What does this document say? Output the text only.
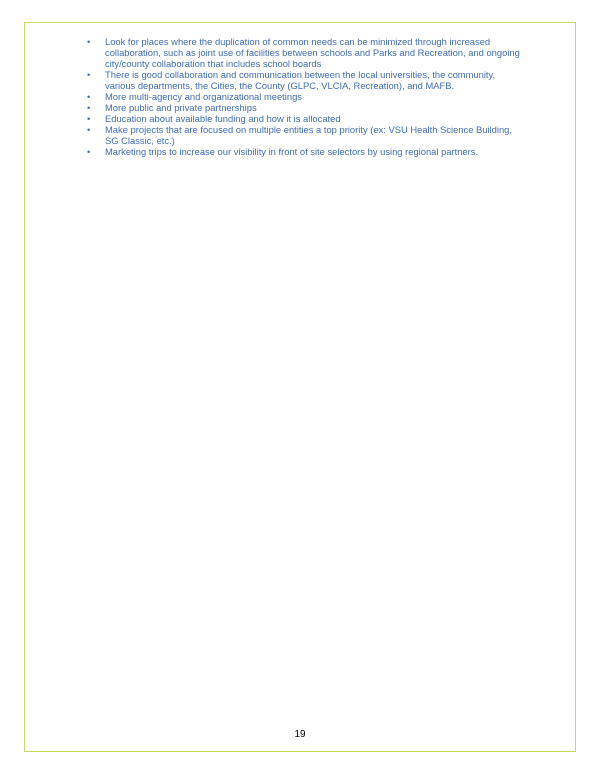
• Look for places where the duplication of common needs can be minimized through increased collaboration, such as joint use of facilities between schools and Parks and Recreation, and ongoing city/county collaboration that includes school boards
• There is good collaboration and communication between the local universities, the community, various departments, the Cities, the County (GLPC, VLCIA, Recreation), and MAFB.
• More multi-agency and organizational meetings
• More public and private partnerships
• Education about available funding and how it is allocated
• Make projects that are focused on multiple entities a top priority (ex: VSU Health Science Building, SG Classic, etc.)
• Marketing trips to increase our visibility in front of site selectors by using regional partners.
19
